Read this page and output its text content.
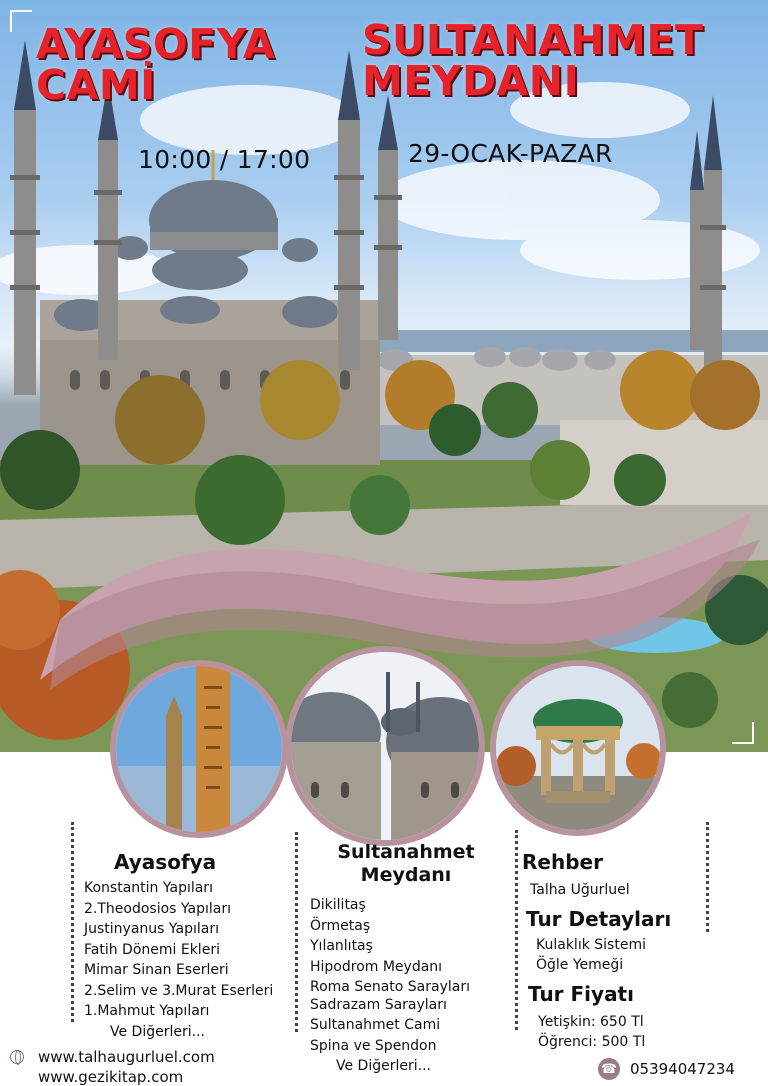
AYASOFYA
CAMİ
SULTANAHMET
MEYDANI
10:00 / 17:00	29-OCAK-PAZAR
Ayasofya
Konstantin Yapıları
2.Theodosios Yapıları
Justinyanus Yapıları
Fatih Dönemi Ekleri
Mimar Sinan Eserleri
2.Selim ve 3.Murat Eserleri
1.Mahmut Yapıları
Ve Diğerleri...
Sultanahmet
Meydanı
Dikilitaş
Örmetaş
Yılanlıtaş
Hipodrom Meydanı
Roma Senato Sarayları
Sadrazam Sarayları
Sultanahmet Cami
Spina ve Spendon
Ve Diğerleri...
Rehber
Talha Uğurluel
Tur Detayları
Kulaklık Sistemi
Öğle Yemeği
Tur Fiyatı
Yetişkin: 650 Tl
Öğrenci: 500 Tl
www.talhaugurluel.com
www.gezikitap.com	☎ 05394047234
